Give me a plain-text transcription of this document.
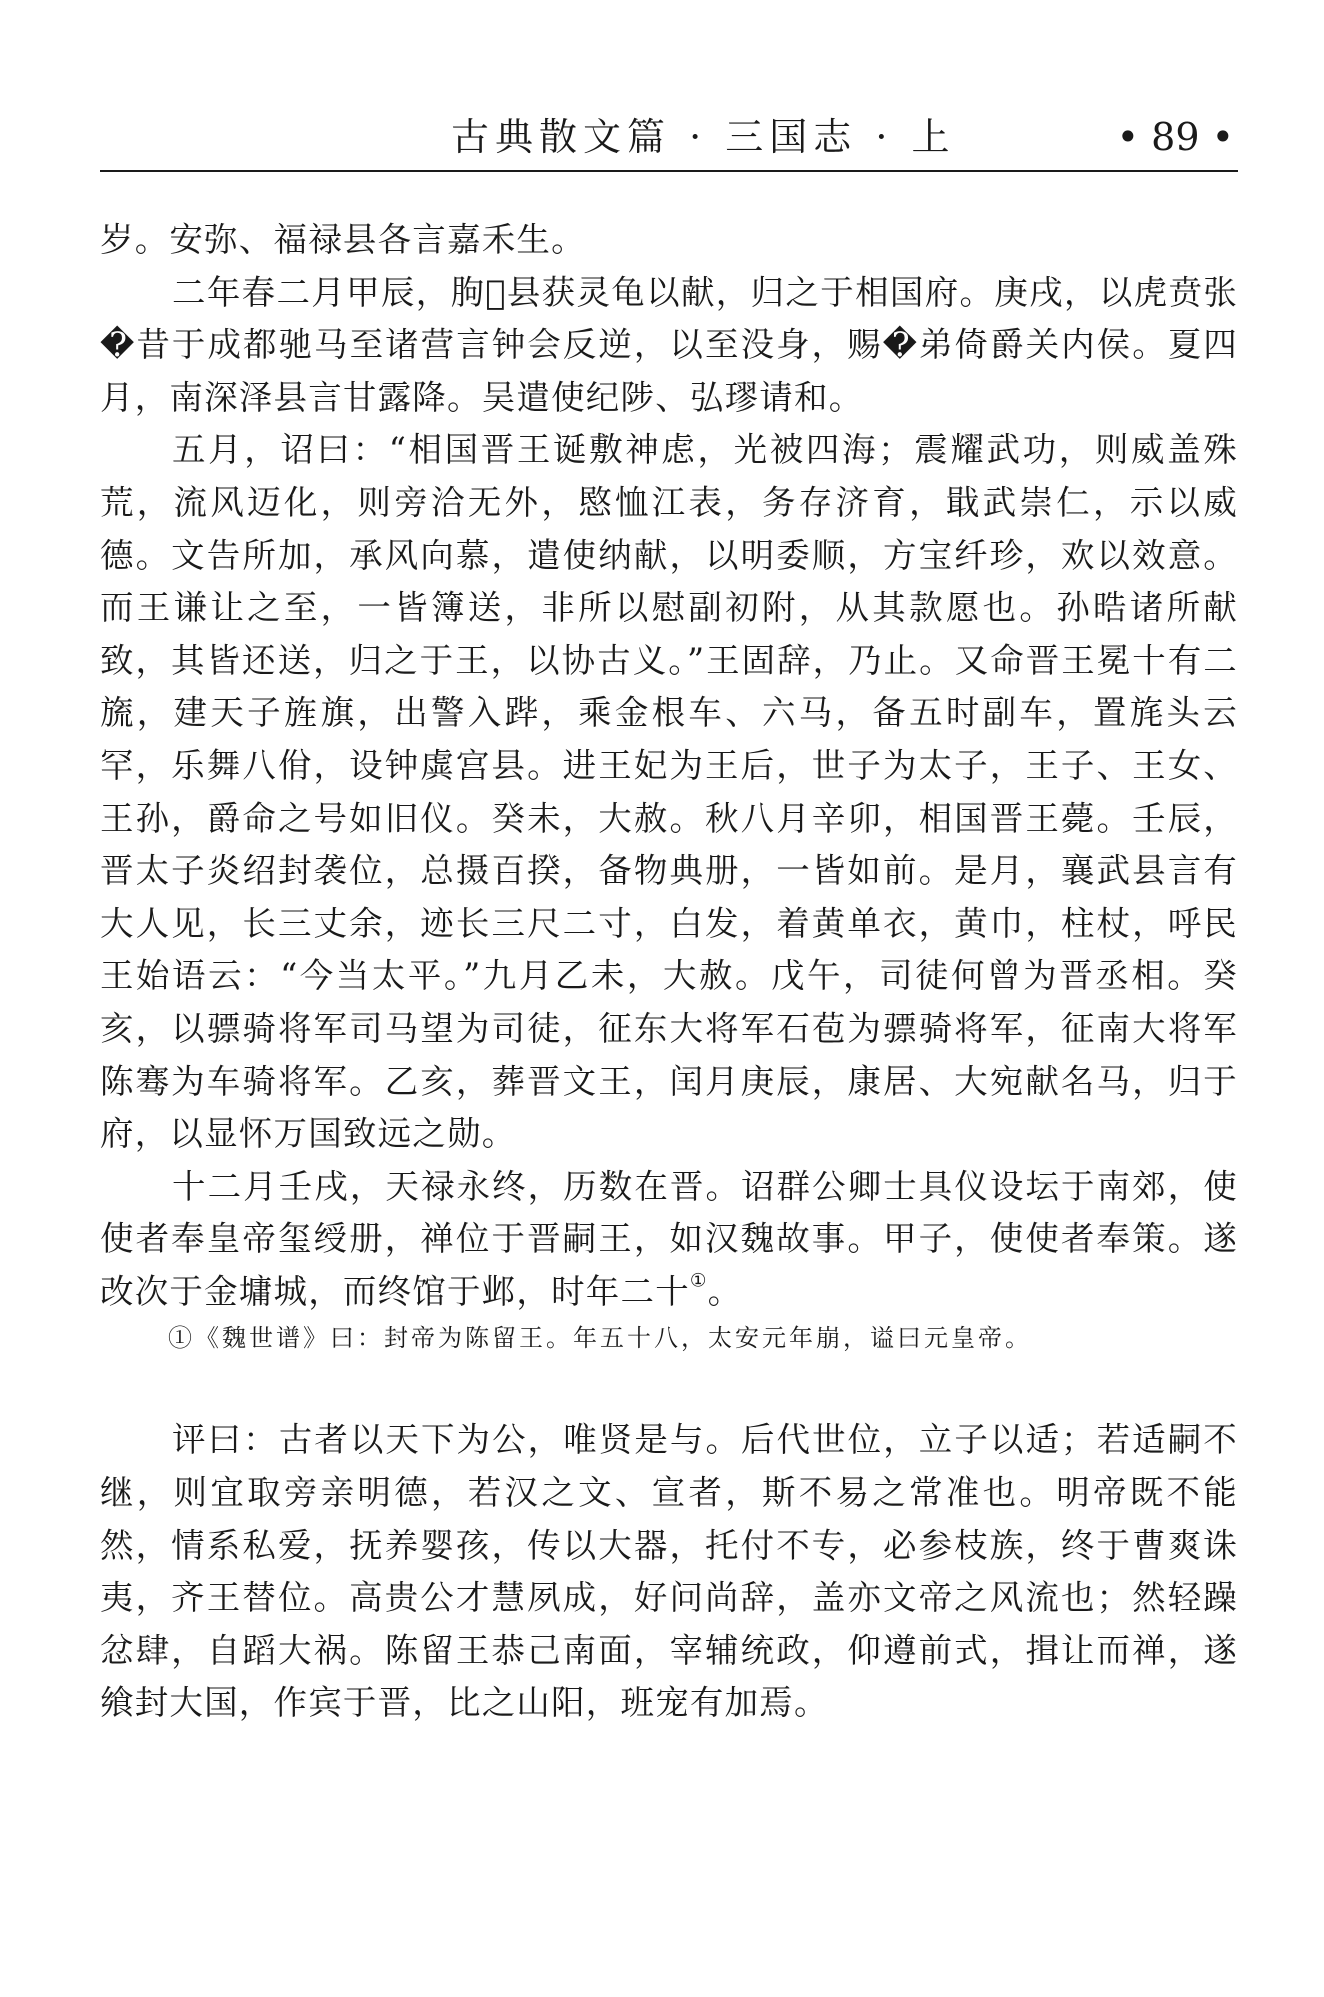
古典散文篇 · 三国志 · 上	• 89 •

岁。安弥、福禄县各言嘉禾生。

二年春二月甲辰，朐𦙌县获灵龟以献，归之于相国府。庚戌，以虎贲张�昔于成都驰马至诸营言钟会反逆，以至没身，赐�弟倚爵关内侯。夏四月，南深泽县言甘露降。吴遣使纪陟、弘璆请和。

五月，诏曰：“相国晋王诞敷神虑，光被四海；震耀武功，则威盖殊荒，流风迈化，则旁洽无外，愍恤江表，务存济育，戢武崇仁，示以威德。文告所加，承风向慕，遣使纳献，以明委顺，方宝纤珍，欢以效意。而王谦让之至，一皆簿送，非所以慰副初附，从其款愿也。孙晧诸所献致，其皆还送，归之于王，以协古义。”王固辞，乃止。又命晋王冕十有二旒，建天子旌旗，出警入跸，乘金根车、六马，备五时副车，置旄头云罕，乐舞八佾，设钟虡宫县。进王妃为王后，世子为太子，王子、王女、王孙，爵命之号如旧仪。癸未，大赦。秋八月辛卯，相国晋王薨。壬辰，晋太子炎绍封袭位，总摄百揆，备物典册，一皆如前。是月，襄武县言有大人见，长三丈余，迹长三尺二寸，白发，着黄单衣，黄巾，柱杖，呼民王始语云：“今当太平。”九月乙未，大赦。戊午，司徒何曾为晋丞相。癸亥，以骠骑将军司马望为司徒，征东大将军石苞为骠骑将军，征南大将军陈骞为车骑将军。乙亥，葬晋文王，闰月庚辰，康居、大宛献名马，归于府，以显怀万国致远之勋。

十二月壬戌，天禄永终，历数在晋。诏群公卿士具仪设坛于南郊，使使者奉皇帝玺绶册，禅位于晋嗣王，如汉魏故事。甲子，使使者奉策。遂改次于金墉城，而终馆于邺，时年二十①。

①《魏世谱》曰：封帝为陈留王。年五十八，太安元年崩，谥曰元皇帝。

评曰：古者以天下为公，唯贤是与。后代世位，立子以适；若适嗣不继，则宜取旁亲明德，若汉之文、宣者，斯不易之常准也。明帝既不能然，情系私爱，抚养婴孩，传以大器，托付不专，必参枝族，终于曹爽诛夷，齐王替位。高贵公才慧夙成，好问尚辞，盖亦文帝之风流也；然轻躁忿肆，自蹈大祸。陈留王恭己南面，宰辅统政，仰遵前式，揖让而禅，遂飨封大国，作宾于晋，比之山阳，班宠有加焉。
